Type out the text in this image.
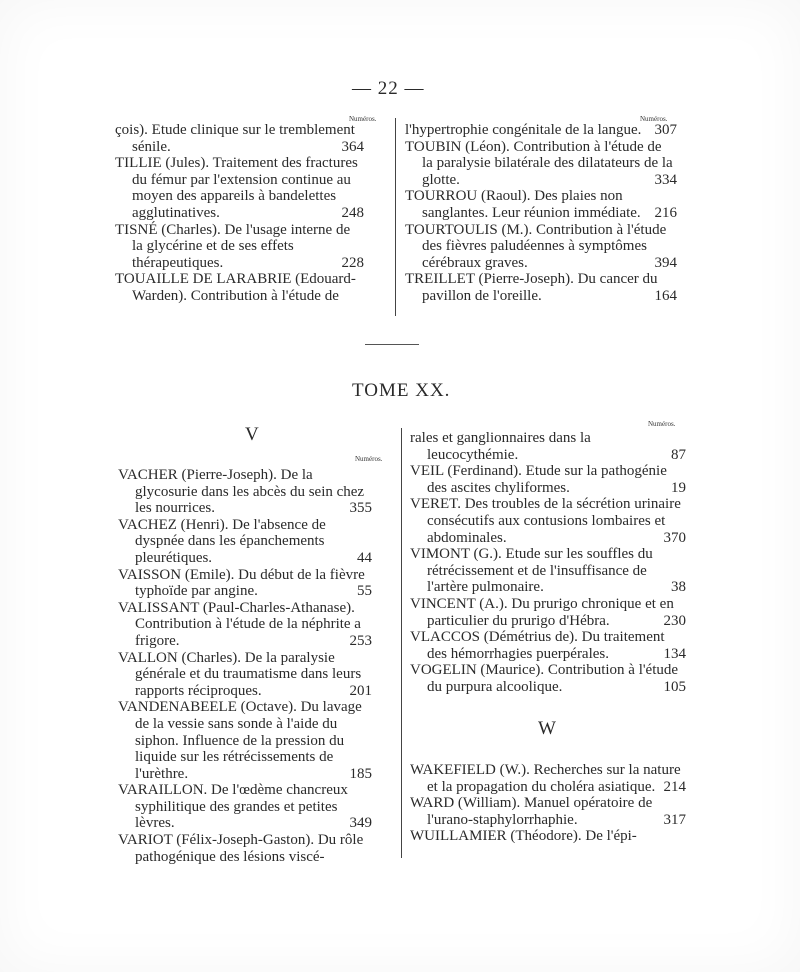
— 22 —
Numéros.	Numéros.
çois). Etude clinique sur le tremblement sénile.	364
TILLIE (Jules). Traitement des fractures du fémur par l'extension continue au moyen des appareils à bandelettes agglutinatives.	248
TISNÉ (Charles). De l'usage interne de la glycérine et de ses effets thérapeutiques.	228
TOUAILLE DE LARABRIE (Edouard-Warden). Contribution à l'étude de
l'hypertrophie congénitale de la langue. 307
TOUBIN (Léon). Contribution à l'étude de la paralysie bilatérale des dilatateurs de la glotte.	334
TOURROU (Raoul). Des plaies non sanglantes. Leur réunion immédiate. 216
TOURTOULIS (M.). Contribution à l'étude des fièvres paludéennes à symptômes cérébraux graves.	394
TREILLET (Pierre-Joseph). Du cancer du pavillon de l'oreille.	164
TOME XX.
V
Numéros.
Numéros.
VACHER (Pierre-Joseph). De la glycosurie dans les abcès du sein chez les nourrices.	355
VACHEZ (Henri). De l'absence de dyspnée dans les épanchements pleurétiques.	44
VAISSON (Emile). Du début de la fièvre typhoïde par angine.	55
VALISSANT (Paul-Charles-Athanase). Contribution à l'étude de la néphrite a frigore.	253
VALLON (Charles). De la paralysie générale et du traumatisme dans leurs rapports réciproques.	201
VANDENABEELE (Octave). Du lavage de la vessie sans sonde à l'aide du siphon. Influence de la pression du liquide sur les rétrécissements de l'urèthre.	185
VARAILLON. De l'œdème chancreux syphilitique des grandes et petites lèvres.	349
VARIOT (Félix-Joseph-Gaston). Du rôle pathogénique des lésions viscé-
rales et ganglionnaires dans la leucocythémie.	87
VEIL (Ferdinand). Etude sur la pathogénie des ascites chyliformes.	19
VERET. Des troubles de la sécrétion urinaire consécutifs aux contusions lombaires et abdominales.	370
VIMONT (G.). Etude sur les souffles du rétrécissement et de l'insuffisance de l'artère pulmonaire.	38
VINCENT (A.). Du prurigo chronique et en particulier du prurigo d'Hébra.	230
VLACCOS (Démétrius de). Du traitement des hémorrhagies puerpérales.	134
VOGELIN (Maurice). Contribution à l'étude du purpura alcoolique.	105
W
WAKEFIELD (W.). Recherches sur la nature et la propagation du choléra asiatique. 214
WARD (William). Manuel opératoire de l'urano-staphylorrhaphie.	317
WUILLAMIER (Théodore). De l'épi-
